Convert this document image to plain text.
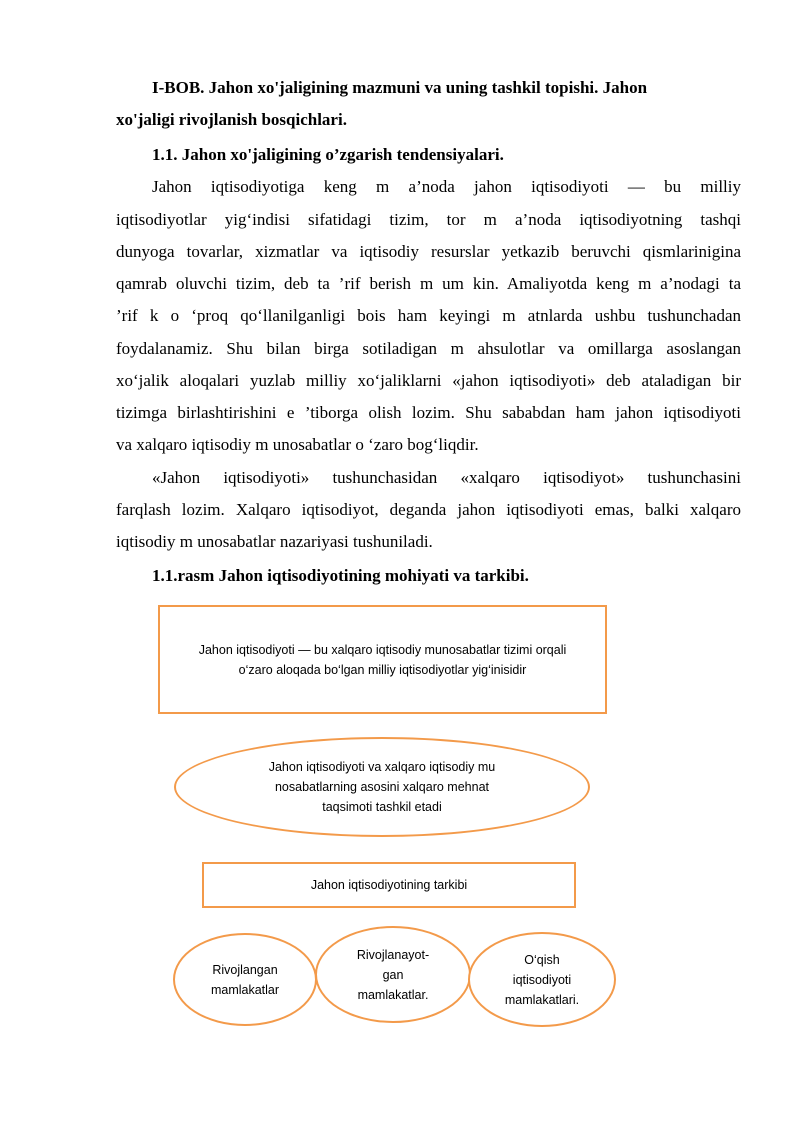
I-BOB. Jahon xo'jaligining mazmuni va uning tashkil topishi. Jahon
xo'jaligi rivojlanish bosqichlari.
1.1. Jahon xo'jaligining o’zgarish tendensiyalari.
Jahon iqtisodiyotiga keng m a’noda jahon iqtisodiyoti — bu milliy
iqtisodiyotlar yig‘indisi sifatidagi tizim, tor m a’noda iqtisodiyotning tashqi
dunyoga tovarlar, xizmatlar va iqtisodiy resurslar yetkazib beruvchi qismlarinigina
qamrab oluvchi tizim, deb ta ’rif berish m um kin. Amaliyotda keng m a’nodagi ta
’rif k o ‘proq qo‘llanilganligi bois ham keyingi m atnlarda ushbu tushunchadan
foydalanamiz. Shu bilan birga sotiladigan m ahsulotlar va omillarga asoslangan
xo‘jalik aloqalari yuzlab milliy xo‘jaliklarni «jahon iqtisodiyoti» deb ataladigan bir
tizimga birlashtirishini e ’tiborga olish lozim. Shu sababdan ham jahon iqtisodiyoti
va xalqaro iqtisodiy m unosabatlar o ‘zaro bog‘liqdir.
«Jahon iqtisodiyoti» tushunchasidan «xalqaro iqtisodiyot» tushunchasini
farqlash lozim. Xalqaro iqtisodiyot, deganda jahon iqtisodiyoti emas, balki xalqaro
iqtisodiy m unosabatlar nazariyasi tushuniladi.
1.1.rasm Jahon iqtisodiyotining mohiyati va tarkibi.
Jahon iqtisodiyoti — bu xalqaro iqtisodiy munosabatlar tizimi orqali
o‘zaro aloqada bo‘lgan milliy iqtisodiyotlar yig‘inisidir
Jahon iqtisodiyoti va xalqaro iqtisodiy mu
nosabatlarning asosini xalqaro mehnat
taqsimoti tashkil etadi
Jahon iqtisodiyotining tarkibi
Rivojlangan
mamlakatlar
Rivojlanayot-
gan
mamlakatlar.
O‘qish
iqtisodiyoti
mamlakatlari.
